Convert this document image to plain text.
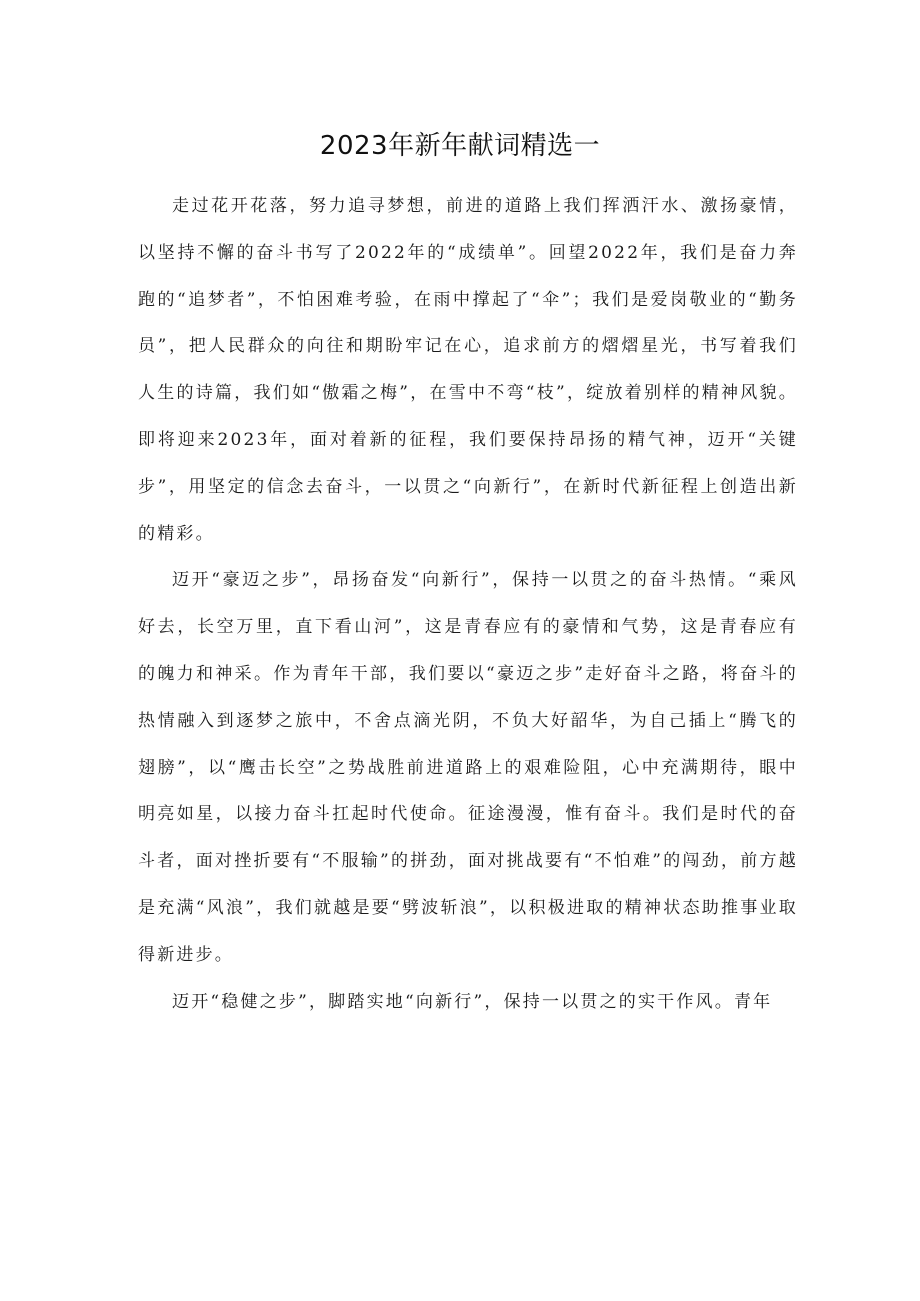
2023年新年献词精选一

走过花开花落，努力追寻梦想，前进的道路上我们挥洒汗水、激扬豪情，以坚持不懈的奋斗书写了2022年的“成绩单”。回望2022年，我们是奋力奔跑的“追梦者”，不怕困难考验，在雨中撑起了“伞”；我们是爱岗敬业的“勤务员”，把人民群众的向往和期盼牢记在心，追求前方的熠熠星光，书写着我们人生的诗篇，我们如“傲霜之梅”，在雪中不弯“枝”，绽放着别样的精神风貌。即将迎来2023年，面对着新的征程，我们要保持昂扬的精气神，迈开“关键步”，用坚定的信念去奋斗，一以贯之“向新行”，在新时代新征程上创造出新的精彩。

迈开“豪迈之步”，昂扬奋发“向新行”，保持一以贯之的奋斗热情。“乘风好去，长空万里，直下看山河”，这是青春应有的豪情和气势，这是青春应有的魄力和神采。作为青年干部，我们要以“豪迈之步”走好奋斗之路，将奋斗的热情融入到逐梦之旅中，不舍点滴光阴，不负大好韶华，为自己插上“腾飞的翅膀”，以“鹰击长空”之势战胜前进道路上的艰难险阻，心中充满期待，眼中明亮如星，以接力奋斗扛起时代使命。征途漫漫，惟有奋斗。我们是时代的奋斗者，面对挫折要有“不服输”的拼劲，面对挑战要有“不怕难”的闯劲，前方越是充满“风浪”，我们就越是要“劈波斩浪”，以积极进取的精神状态助推事业取得新进步。

迈开“稳健之步”，脚踏实地“向新行”，保持一以贯之的实干作风。青年
